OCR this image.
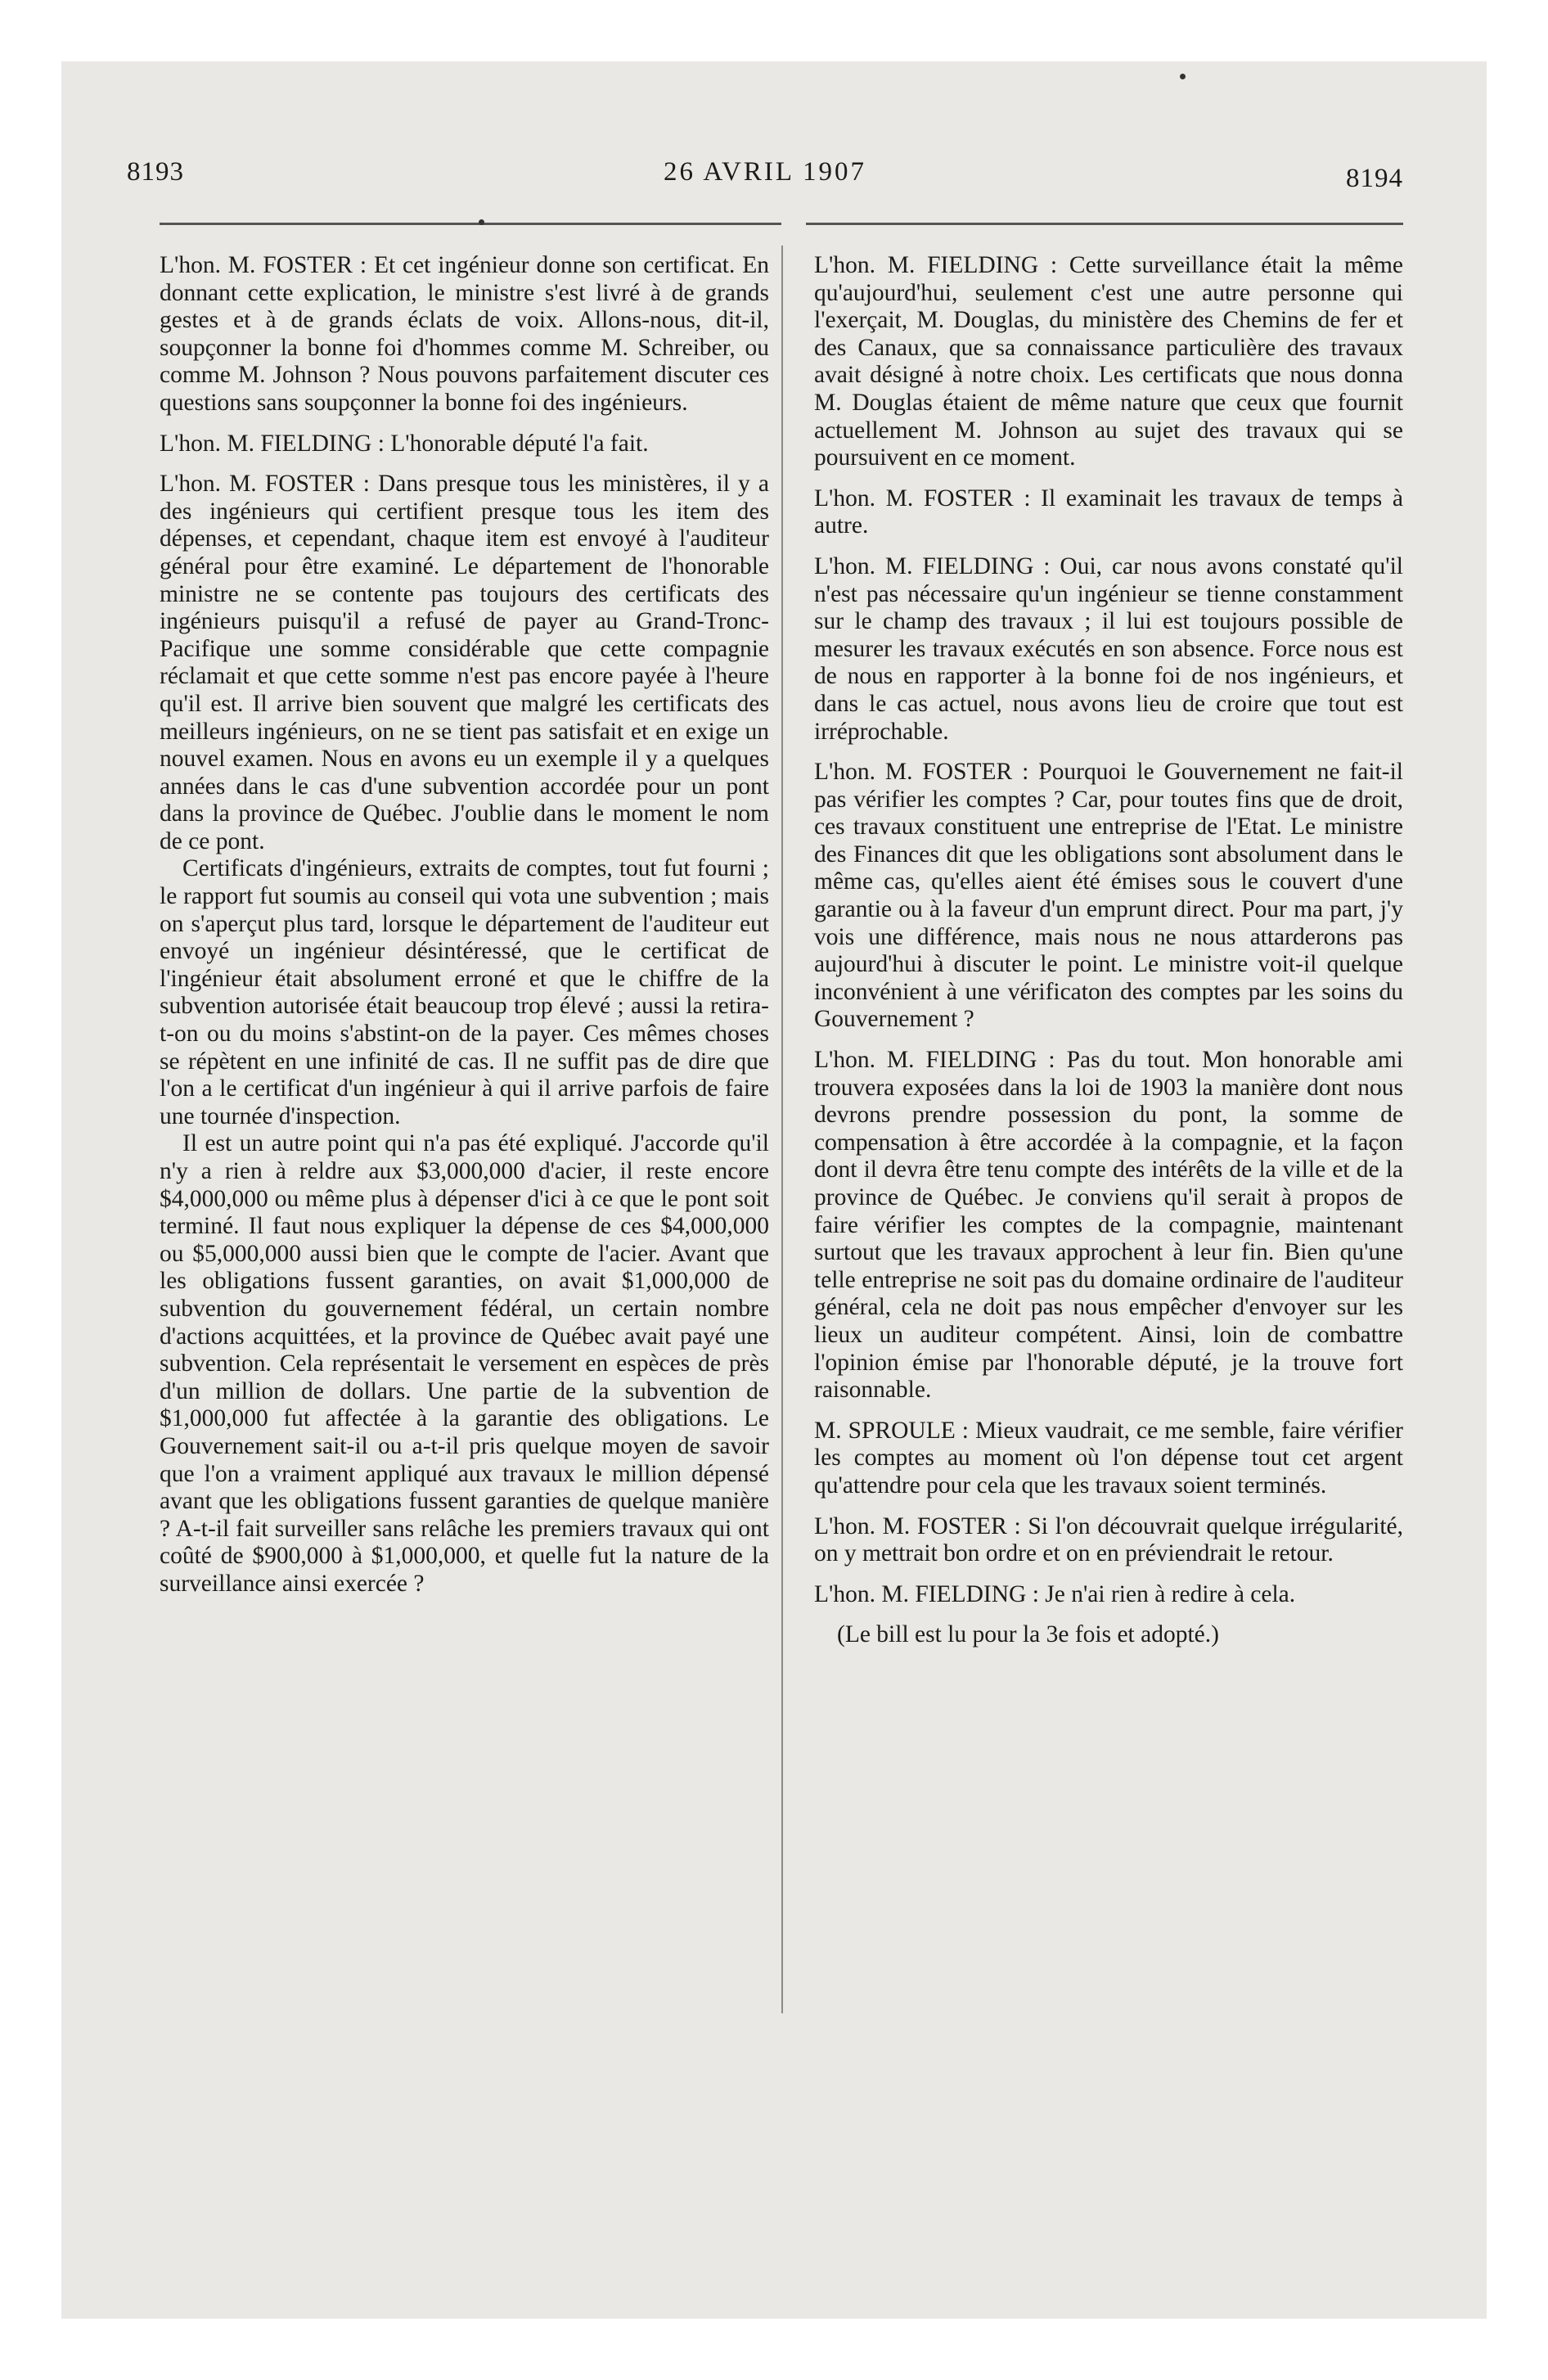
8193	26 AVRIL 1907	8194

L'hon. M. FOSTER : Et cet ingénieur donne son certificat. En donnant cette explication, le ministre s'est livré à de grands gestes et à de grands éclats de voix. Allons-nous, dit-il, soupçonner la bonne foi d'hommes comme M. Schreiber, ou comme M. Johnson ? Nous pouvons parfaitement discuter ces questions sans soupçonner la bonne foi des ingénieurs.

L'hon. M. FIELDING : L'honorable député l'a fait.

L'hon. M. FOSTER : Dans presque tous les ministères, il y a des ingénieurs qui certifient presque tous les item des dépenses, et cependant, chaque item est envoyé à l'auditeur général pour être examiné. Le département de l'honorable ministre ne se contente pas toujours des certificats des ingénieurs puisqu'il a refusé de payer au Grand-Tronc-Pacifique une somme considérable que cette compagnie réclamait et que cette somme n'est pas encore payée à l'heure qu'il est. Il arrive bien souvent que malgré les certificats des meilleurs ingénieurs, on ne se tient pas satisfait et en exige un nouvel examen. Nous en avons eu un exemple il y a quelques années dans le cas d'une subvention accordée pour un pont dans la province de Québec. J'oublie dans le moment le nom de ce pont.

Certificats d'ingénieurs, extraits de comptes, tout fut fourni ; le rapport fut soumis au conseil qui vota une subvention ; mais on s'aperçut plus tard, lorsque le département de l'auditeur eut envoyé un ingénieur désintéressé, que le certificat de l'ingénieur était absolument erroné et que le chiffre de la subvention autorisée était beaucoup trop élevé ; aussi la retira-t-on ou du moins s'abstint-on de la payer. Ces mêmes choses se répètent en une infinité de cas. Il ne suffit pas de dire que l'on a le certificat d'un ingénieur à qui il arrive parfois de faire une tournée d'inspection.

Il est un autre point qui n'a pas été expliqué. J'accorde qu'il n'y a rien à reldre aux $3,000,000 d'acier, il reste encore $4,000,000 ou même plus à dépenser d'ici à ce que le pont soit terminé. Il faut nous expliquer la dépense de ces $4,000,000 ou $5,000,000 aussi bien que le compte de l'acier. Avant que les obligations fussent garanties, on avait $1,000,000 de subvention du gouvernement fédéral, un certain nombre d'actions acquittées, et la province de Québec avait payé une subvention. Cela représentait le versement en espèces de près d'un million de dollars. Une partie de la subvention de $1,000,000 fut affectée à la garantie des obligations. Le Gouvernement sait-il ou a-t-il pris quelque moyen de savoir que l'on a vraiment appliqué aux travaux le million dépensé avant que les obligations fussent garanties de quelque manière ? A-t-il fait surveiller sans relâche les premiers travaux qui ont coûté de $900,000 à $1,000,000, et quelle fut la nature de la surveillance ainsi exercée ?

L'hon. M. FIELDING : Cette surveillance était la même qu'aujourd'hui, seulement c'est une autre personne qui l'exerçait, M. Douglas, du ministère des Chemins de fer et des Canaux, que sa connaissance particulière des travaux avait désigné à notre choix. Les certificats que nous donna M. Douglas étaient de même nature que ceux que fournit actuellement M. Johnson au sujet des travaux qui se poursuivent en ce moment.

L'hon. M. FOSTER : Il examinait les travaux de temps à autre.

L'hon. M. FIELDING : Oui, car nous avons constaté qu'il n'est pas nécessaire qu'un ingénieur se tienne constamment sur le champ des travaux ; il lui est toujours possible de mesurer les travaux exécutés en son absence. Force nous est de nous en rapporter à la bonne foi de nos ingénieurs, et dans le cas actuel, nous avons lieu de croire que tout est irréprochable.

L'hon. M. FOSTER : Pourquoi le Gouvernement ne fait-il pas vérifier les comptes ? Car, pour toutes fins que de droit, ces travaux constituent une entreprise de l'Etat. Le ministre des Finances dit que les obligations sont absolument dans le même cas, qu'elles aient été émises sous le couvert d'une garantie ou à la faveur d'un emprunt direct. Pour ma part, j'y vois une différence, mais nous ne nous attarderons pas aujourd'hui à discuter le point. Le ministre voit-il quelque inconvénient à une vérificaton des comptes par les soins du Gouvernement ?

L'hon. M. FIELDING : Pas du tout. Mon honorable ami trouvera exposées dans la loi de 1903 la manière dont nous devrons prendre possession du pont, la somme de compensation à être accordée à la compagnie, et la façon dont il devra être tenu compte des intérêts de la ville et de la province de Québec. Je conviens qu'il serait à propos de faire vérifier les comptes de la compagnie, maintenant surtout que les travaux approchent à leur fin. Bien qu'une telle entreprise ne soit pas du domaine ordinaire de l'auditeur général, cela ne doit pas nous empêcher d'envoyer sur les lieux un auditeur compétent. Ainsi, loin de combattre l'opinion émise par l'honorable député, je la trouve fort raisonnable.

M. SPROULE : Mieux vaudrait, ce me semble, faire vérifier les comptes au moment où l'on dépense tout cet argent qu'attendre pour cela que les travaux soient terminés.

L'hon. M. FOSTER : Si l'on découvrait quelque irrégularité, on y mettrait bon ordre et on en préviendrait le retour.

L'hon. M. FIELDING : Je n'ai rien à redire à cela.

(Le bill est lu pour la 3e fois et adopté.)
